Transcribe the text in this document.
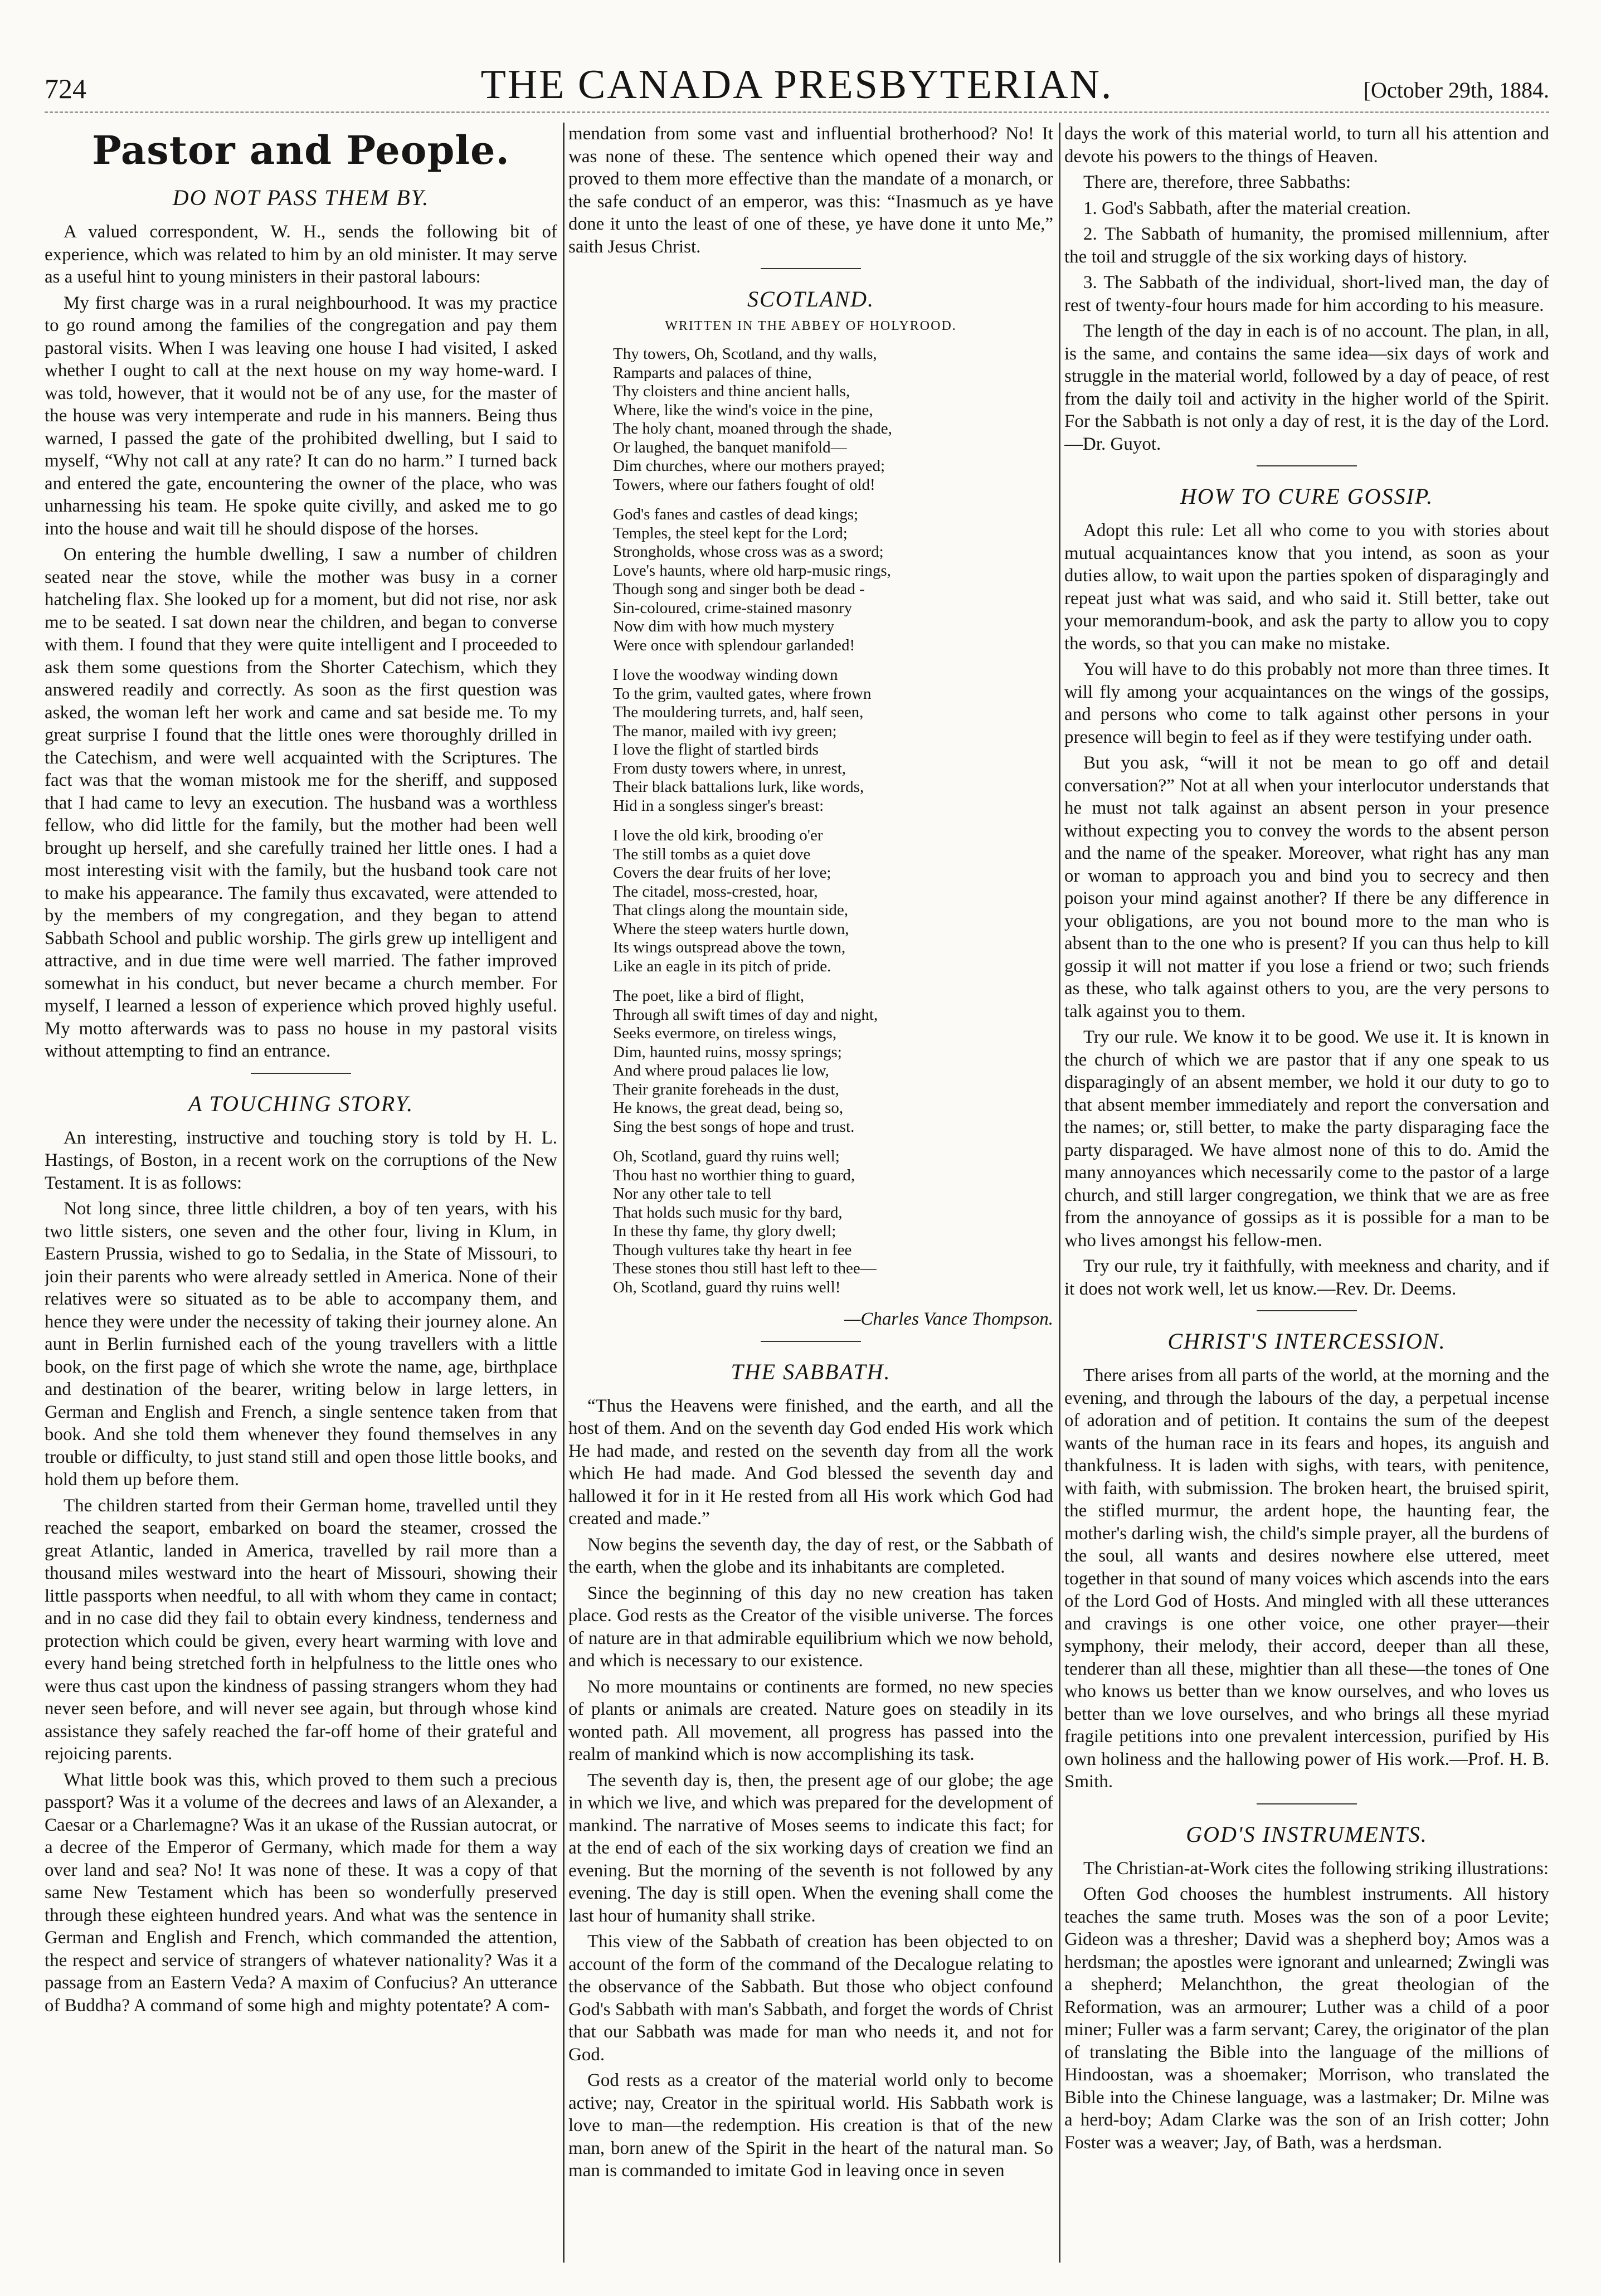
724	THE CANADA PRESBYTERIAN.	[October 29th, 1884.
Pastor and People.
DO NOT PASS THEM BY.

A valued correspondent, W. H., sends the following bit of experience, which was related to him by an old minister. It may serve as a useful hint to young ministers in their pastoral labours:

My first charge was in a rural neighbourhood. It was my practice to go round among the families of the congregation and pay them pastoral visits. When I was leaving one house I had visited, I asked whether I ought to call at the next house on my way home-ward. I was told, however, that it would not be of any use, for the master of the house was very intemperate and rude in his manners. Being thus warned, I passed the gate of the prohibited dwelling, but I said to myself, “Why not call at any rate? It can do no harm.” I turned back and entered the gate, encountering the owner of the place, who was unharnessing his team. He spoke quite civilly, and asked me to go into the house and wait till he should dispose of the horses.

On entering the humble dwelling, I saw a number of children seated near the stove, while the mother was busy in a corner hatcheling flax. She looked up for a moment, but did not rise, nor ask me to be seated. I sat down near the children, and began to converse with them. I found that they were quite intelligent and I proceeded to ask them some questions from the Shorter Catechism, which they answered readily and correctly. As soon as the first question was asked, the woman left her work and came and sat beside me. To my great surprise I found that the little ones were thoroughly drilled in the Catechism, and were well acquainted with the Scriptures. The fact was that the woman mistook me for the sheriff, and supposed that I had came to levy an execution. The husband was a worthless fellow, who did little for the family, but the mother had been well brought up herself, and she carefully trained her little ones. I had a most interesting visit with the family, but the husband took care not to make his appearance. The family thus excavated, were attended to by the members of my congregation, and they began to attend Sabbath School and public worship. The girls grew up intelligent and attractive, and in due time were well married. The father improved somewhat in his conduct, but never became a church member. For myself, I learned a lesson of experience which proved highly useful. My motto afterwards was to pass no house in my pastoral visits without attempting to find an entrance.

A TOUCHING STORY.

An interesting, instructive and touching story is told by H. L. Hastings, of Boston, in a recent work on the corruptions of the New Testament. It is as follows:

Not long since, three little children, a boy of ten years, with his two little sisters, one seven and the other four, living in Klum, in Eastern Prussia, wished to go to Sedalia, in the State of Missouri, to join their parents who were already settled in America. None of their relatives were so situated as to be able to accompany them, and hence they were under the necessity of taking their journey alone. An aunt in Berlin furnished each of the young travellers with a little book, on the first page of which she wrote the name, age, birthplace and destination of the bearer, writing below in large letters, in German and English and French, a single sentence taken from that book. And she told them whenever they found themselves in any trouble or difficulty, to just stand still and open those little books, and hold them up before them.

The children started from their German home, travelled until they reached the seaport, embarked on board the steamer, crossed the great Atlantic, landed in America, travelled by rail more than a thousand miles westward into the heart of Missouri, showing their little passports when needful, to all with whom they came in contact; and in no case did they fail to obtain every kindness, tenderness and protection which could be given, every heart warming with love and every hand being stretched forth in helpfulness to the little ones who were thus cast upon the kindness of passing strangers whom they had never seen before, and will never see again, but through whose kind assistance they safely reached the far-off home of their grateful and rejoicing parents.

What little book was this, which proved to them such a precious passport? Was it a volume of the decrees and laws of an Alexander, a Caesar or a Charlemagne? Was it an ukase of the Russian autocrat, or a decree of the Emperor of Germany, which made for them a way over land and sea? No! It was none of these. It was a copy of that same New Testament which has been so wonderfully preserved through these eighteen hundred years. And what was the sentence in German and English and French, which commanded the attention, the respect and service of strangers of whatever nationality? Was it a passage from an Eastern Veda? A maxim of Confucius? An utterance of Buddha? A command of some high and mighty potentate? A com-

mendation from some vast and influential brotherhood? No! It was none of these. The sentence which opened their way and proved to them more effective than the mandate of a monarch, or the safe conduct of an emperor, was this: “Inasmuch as ye have done it unto the least of one of these, ye have done it unto Me,” saith Jesus Christ.

SCOTLAND.
WRITTEN IN THE ABBEY OF HOLYROOD.
Thy towers, Oh, Scotland, and thy walls,
Ramparts and palaces of thine,
Thy cloisters and thine ancient halls,
Where, like the wind's voice in the pine,
The holy chant, moaned through the shade,
Or laughed, the banquet manifold—
Dim churches, where our mothers prayed;
Towers, where our fathers fought of old!
God's fanes and castles of dead kings;
Temples, the steel kept for the Lord;
Strongholds, whose cross was as a sword;
Love's haunts, where old harp-music rings,
Though song and singer both be dead -
Sin-coloured, crime-stained masonry
Now dim with how much mystery
Were once with splendour garlanded!
I love the woodway winding down
To the grim, vaulted gates, where frown
The mouldering turrets, and, half seen,
The manor, mailed with ivy green;
I love the flight of startled birds
From dusty towers where, in unrest,
Their black battalions lurk, like words,
Hid in a songless singer's breast:
I love the old kirk, brooding o'er
The still tombs as a quiet dove
Covers the dear fruits of her love;
The citadel, moss-crested, hoar,
That clings along the mountain side,
Where the steep waters hurtle down,
Its wings outspread above the town,
Like an eagle in its pitch of pride.
The poet, like a bird of flight,
Through all swift times of day and night,
Seeks evermore, on tireless wings,
Dim, haunted ruins, mossy springs;
And where proud palaces lie low,
Their granite foreheads in the dust,
He knows, the great dead, being so,
Sing the best songs of hope and trust.
Oh, Scotland, guard thy ruins well;
Thou hast no worthier thing to guard,
Nor any other tale to tell
That holds such music for thy bard,
In these thy fame, thy glory dwell;
Though vultures take thy heart in fee
These stones thou still hast left to thee—
Oh, Scotland, guard thy ruins well!

—Charles Vance Thompson.

THE SABBATH.

“Thus the Heavens were finished, and the earth, and all the host of them. And on the seventh day God ended His work which He had made, and rested on the seventh day from all the work which He had made. And God blessed the seventh day and hallowed it for in it He rested from all His work which God had created and made.”

Now begins the seventh day, the day of rest, or the Sabbath of the earth, when the globe and its inhabitants are completed.

Since the beginning of this day no new creation has taken place. God rests as the Creator of the visible universe. The forces of nature are in that admirable equilibrium which we now behold, and which is necessary to our existence.

No more mountains or continents are formed, no new species of plants or animals are created. Nature goes on steadily in its wonted path. All movement, all progress has passed into the realm of mankind which is now accomplishing its task.

The seventh day is, then, the present age of our globe; the age in which we live, and which was prepared for the development of mankind. The narrative of Moses seems to indicate this fact; for at the end of each of the six working days of creation we find an evening. But the morning of the seventh is not followed by any evening. The day is still open. When the evening shall come the last hour of humanity shall strike.

This view of the Sabbath of creation has been objected to on account of the form of the command of the Decalogue relating to the observance of the Sabbath. But those who object confound God's Sabbath with man's Sabbath, and forget the words of Christ that our Sabbath was made for man who needs it, and not for God.

God rests as a creator of the material world only to become active; nay, Creator in the spiritual world. His Sabbath work is love to man—the redemption. His creation is that of the new man, born anew of the Spirit in the heart of the natural man. So man is commanded to imitate God in leaving once in seven

days the work of this material world, to turn all his attention and devote his powers to the things of Heaven.

There are, therefore, three Sabbaths:

1. God's Sabbath, after the material creation.

2. The Sabbath of humanity, the promised millennium, after the toil and struggle of the six working days of history.

3. The Sabbath of the individual, short-lived man, the day of rest of twenty-four hours made for him according to his measure.

The length of the day in each is of no account. The plan, in all, is the same, and contains the same idea—six days of work and struggle in the material world, followed by a day of peace, of rest from the daily toil and activity in the higher world of the Spirit. For the Sabbath is not only a day of rest, it is the day of the Lord.—Dr. Guyot.

HOW TO CURE GOSSIP.

Adopt this rule: Let all who come to you with stories about mutual acquaintances know that you intend, as soon as your duties allow, to wait upon the parties spoken of disparagingly and repeat just what was said, and who said it. Still better, take out your memorandum-book, and ask the party to allow you to copy the words, so that you can make no mistake.

You will have to do this probably not more than three times. It will fly among your acquaintances on the wings of the gossips, and persons who come to talk against other persons in your presence will begin to feel as if they were testifying under oath.

But you ask, “will it not be mean to go off and detail conversation?” Not at all when your interlocutor understands that he must not talk against an absent person in your presence without expecting you to convey the words to the absent person and the name of the speaker. Moreover, what right has any man or woman to approach you and bind you to secrecy and then poison your mind against another? If there be any difference in your obligations, are you not bound more to the man who is absent than to the one who is present? If you can thus help to kill gossip it will not matter if you lose a friend or two; such friends as these, who talk against others to you, are the very persons to talk against you to them.

Try our rule. We know it to be good. We use it. It is known in the church of which we are pastor that if any one speak to us disparagingly of an absent member, we hold it our duty to go to that absent member immediately and report the conversation and the names; or, still better, to make the party disparaging face the party disparaged. We have almost none of this to do. Amid the many annoyances which necessarily come to the pastor of a large church, and still larger congregation, we think that we are as free from the annoyance of gossips as it is possible for a man to be who lives amongst his fellow-men.

Try our rule, try it faithfully, with meekness and charity, and if it does not work well, let us know.—Rev. Dr. Deems.

CHRIST'S INTERCESSION.

There arises from all parts of the world, at the morning and the evening, and through the labours of the day, a perpetual incense of adoration and of petition. It contains the sum of the deepest wants of the human race in its fears and hopes, its anguish and thankfulness. It is laden with sighs, with tears, with penitence, with faith, with submission. The broken heart, the bruised spirit, the stifled murmur, the ardent hope, the haunting fear, the mother's darling wish, the child's simple prayer, all the burdens of the soul, all wants and desires nowhere else uttered, meet together in that sound of many voices which ascends into the ears of the Lord God of Hosts. And mingled with all these utterances and cravings is one other voice, one other prayer—their symphony, their melody, their accord, deeper than all these, tenderer than all these, mightier than all these—the tones of One who knows us better than we know ourselves, and who loves us better than we love ourselves, and who brings all these myriad fragile petitions into one prevalent intercession, purified by His own holiness and the hallowing power of His work.—Prof. H. B. Smith.

GOD'S INSTRUMENTS.

The Christian-at-Work cites the following striking illustrations:

Often God chooses the humblest instruments. All history teaches the same truth. Moses was the son of a poor Levite; Gideon was a thresher; David was a shepherd boy; Amos was a herdsman; the apostles were ignorant and unlearned; Zwingli was a shepherd; Melanchthon, the great theologian of the Reformation, was an armourer; Luther was a child of a poor miner; Fuller was a farm servant; Carey, the originator of the plan of translating the Bible into the language of the millions of Hindoostan, was a shoemaker; Morrison, who translated the Bible into the Chinese language, was a lastmaker; Dr. Milne was a herd-boy; Adam Clarke was the son of an Irish cotter; John Foster was a weaver; Jay, of Bath, was a herdsman.
